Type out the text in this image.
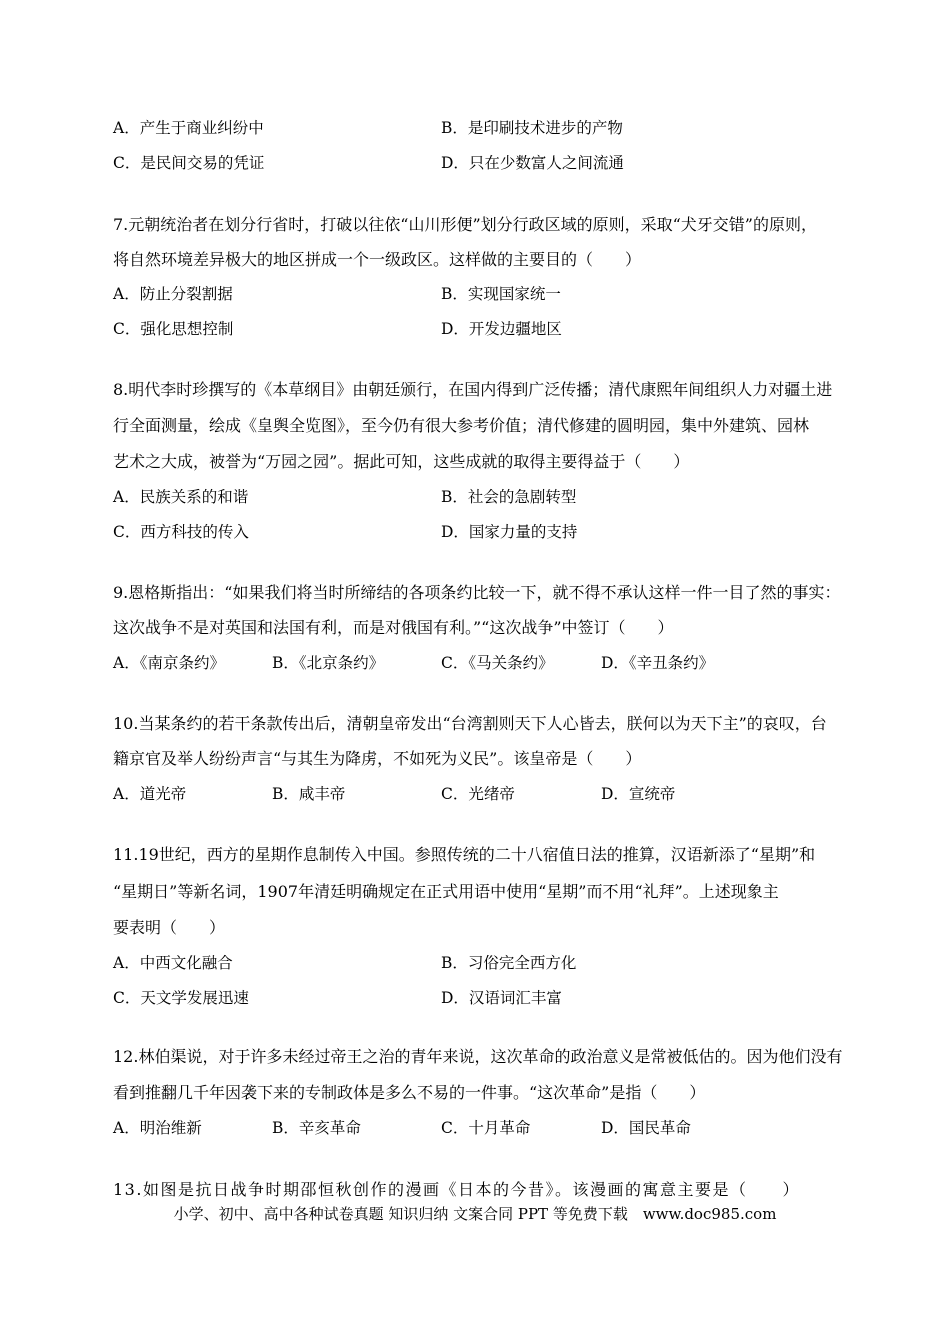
A．产生于商业纠纷中	B．是印刷技术进步的产物
C．是民间交易的凭证	D．只在少数富人之间流通
7.元朝统治者在划分行省时，打破以往依“山川形便”划分行政区域的原则，采取“犬牙交错”的原则，
将自然环境差异极大的地区拼成一个一级政区。这样做的主要目的（　　）
A．防止分裂割据	B．实现国家统一
C．强化思想控制	D．开发边疆地区
8.明代李时珍撰写的《本草纲目》由朝廷颁行，在国内得到广泛传播；清代康熙年间组织人力对疆土进
行全面测量，绘成《皇舆全览图》，至今仍有很大参考价值；清代修建的圆明园，集中外建筑、园林
艺术之大成，被誉为“万园之园”。据此可知，这些成就的取得主要得益于（　　）
A．民族关系的和谐	B．社会的急剧转型
C．西方科技的传入	D．国家力量的支持
9.恩格斯指出：“如果我们将当时所缔结的各项条约比较一下，就不得不承认这样一件一目了然的事实：
这次战争不是对英国和法国有利，而是对俄国有利。”“这次战争”中签订（　　）
A．《南京条约》	B．《北京条约》	C．《马关条约》	D．《辛丑条约》
10.当某条约的若干条款传出后，清朝皇帝发出“台湾割则天下人心皆去，朕何以为天下主”的哀叹，台
籍京官及举人纷纷声言“与其生为降虏，不如死为义民”。该皇帝是（　　）
A．道光帝	B．咸丰帝	C．光绪帝	D．宣统帝
11.19世纪，西方的星期作息制传入中国。参照传统的二十八宿值日法的推算，汉语新添了“星期”和
“星期日”等新名词，1907年清廷明确规定在正式用语中使用“星期”而不用“礼拜”。上述现象主
要表明（　　）
A．中西文化融合	B．习俗完全西方化
C．天文学发展迅速	D．汉语词汇丰富
12.林伯渠说，对于许多未经过帝王之治的青年来说，这次革命的政治意义是常被低估的。因为他们没有
看到推翻几千年因袭下来的专制政体是多么不易的一件事。“这次革命”是指（　　）
A．明治维新	B．辛亥革命	C．十月革命	D．国民革命
13.如图是抗日战争时期邵恒秋创作的漫画《日本的今昔》。该漫画的寓意主要是（　　）
小学、初中、高中各种试卷真题 知识归纳 文案合同 PPT 等免费下载　www.doc985.com
